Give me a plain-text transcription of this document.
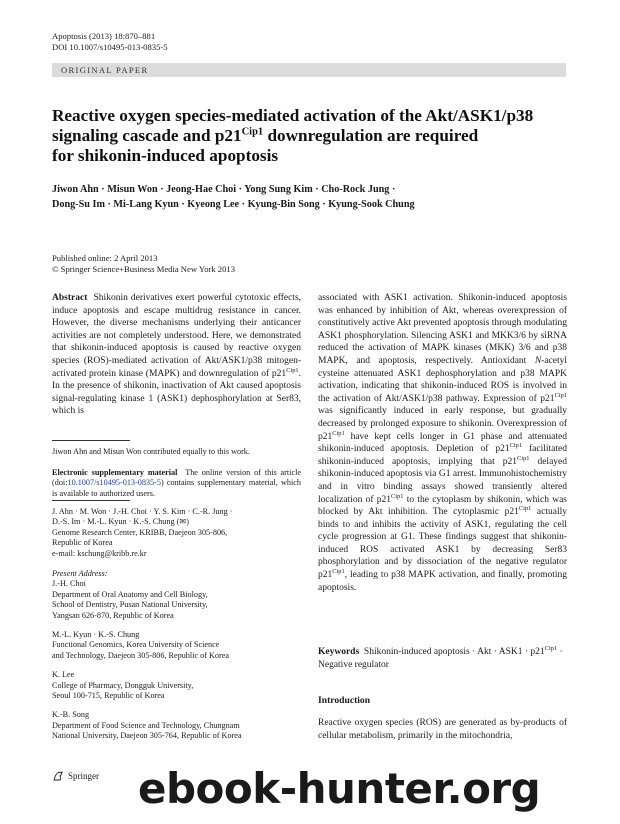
Apoptosis (2013) 18:870–881
DOI 10.1007/s10495-013-0835-5
ORIGINAL PAPER
Reactive oxygen species-mediated activation of the Akt/ASK1/p38
signaling cascade and $p21^{Cip1}$ downregulation are required
for shikonin-induced apoptosis
Jiwon Ahn · Misun Won · Jeong-Hae Choi · Yong Sung Kim · Cho-Rock Jung ·
Dong-Su Im · Mi-Lang Kyun · Kyeong Lee · Kyung-Bin Song · Kyung-Sook Chung
Published online: 2 April 2013
© Springer Science+Business Media New York 2013
Abstract Shikonin derivatives exert powerful cytotoxic effects, induce apoptosis and escape multidrug resistance in cancer. However, the diverse mechanisms underlying their anticancer activities are not completely understood. Here, we demonstrated that shikonin-induced apoptosis is caused by reactive oxygen species (ROS)-mediated activation of Akt/ASK1/p38 mitogen-activated protein kinase (MAPK) and downregulation of $p21^{Cip1}$. In the presence of shikonin, inactivation of Akt caused apoptosis signal-regulating kinase 1 (ASK1) dephosphorylation at Ser83, which is
Jiwon Ahn and Misun Won contributed equally to this work.
Electronic supplementary material The online version of this article (doi:10.1007/s10495-013-0835-5) contains supplementary material, which is available to authorized users.
J. Ahn · M. Won · J.-H. Choi · Y. S. Kim · C.-R. Jung ·
D.-S. Im · M.-L. Kyun · K.-S. Chung (✉)
Genome Research Center, KRIBB, Daejeon 305-806,
Republic of Korea
e-mail: kschung@kribb.re.kr
Present Address:
J.-H. Choi
Department of Oral Anatomy and Cell Biology,
School of Dentistry, Pusan National University,
Yangsan 626-870, Republic of Korea
M.-L. Kyun · K.-S. Chung
Functional Genomics, Korea University of Science
and Technology, Daejeon 305-806, Republic of Korea
K. Lee
College of Pharmacy, Dongguk University,
Seoul 100-715, Republic of Korea
K.-B. Song
Department of Food Science and Technology, Chungnam
National University, Daejeon 305-764, Republic of Korea
associated with ASK1 activation. Shikonin-induced apoptosis was enhanced by inhibition of Akt, whereas overexpression of constitutively active Akt prevented apoptosis through modulating ASK1 phosphorylation. Silencing ASK1 and MKK3/6 by siRNA reduced the activation of MAPK kinases (MKK) 3/6 and p38 MAPK, and apoptosis, respectively. Antioxidant N-acetyl cysteine attenuated ASK1 dephosphorylation and p38 MAPK activation, indicating that shikonin-induced ROS is involved in the activation of Akt/ASK1/p38 pathway. Expression of $p21^{Cip1}$ was significantly induced in early response, but gradually decreased by prolonged exposure to shikonin. Overexpression of $p21^{Cip1}$ have kept cells longer in G1 phase and attenuated shikonin-induced apoptosis. Depletion of $p21^{Cip1}$ facilitated shikonin-induced apoptosis, implying that $p21^{Cip1}$ delayed shikonin-induced apoptosis via G1 arrest. Immunohistochemistry and in vitro binding assays showed transiently altered localization of $p21^{Cip1}$ to the cytoplasm by shikonin, which was blocked by Akt inhibition. The cytoplasmic $p21^{Cip1}$ actually binds to and inhibits the activity of ASK1, regulating the cell cycle progression at G1. These findings suggest that shikonin-induced ROS activated ASK1 by decreasing Ser83 phosphorylation and by dissociation of the negative regulator $p21^{Cip1}$, leading to p38 MAPK activation, and finally, promoting apoptosis.
Keywords Shikonin-induced apoptosis · Akt · $ASK1 \cdot p21^{Cip1}$ · Negative regulator
Introduction
Reactive oxygen species (ROS) are generated as by-products of cellular metabolism, primarily in the mitochondria,
Springer ebook-hunter.org
